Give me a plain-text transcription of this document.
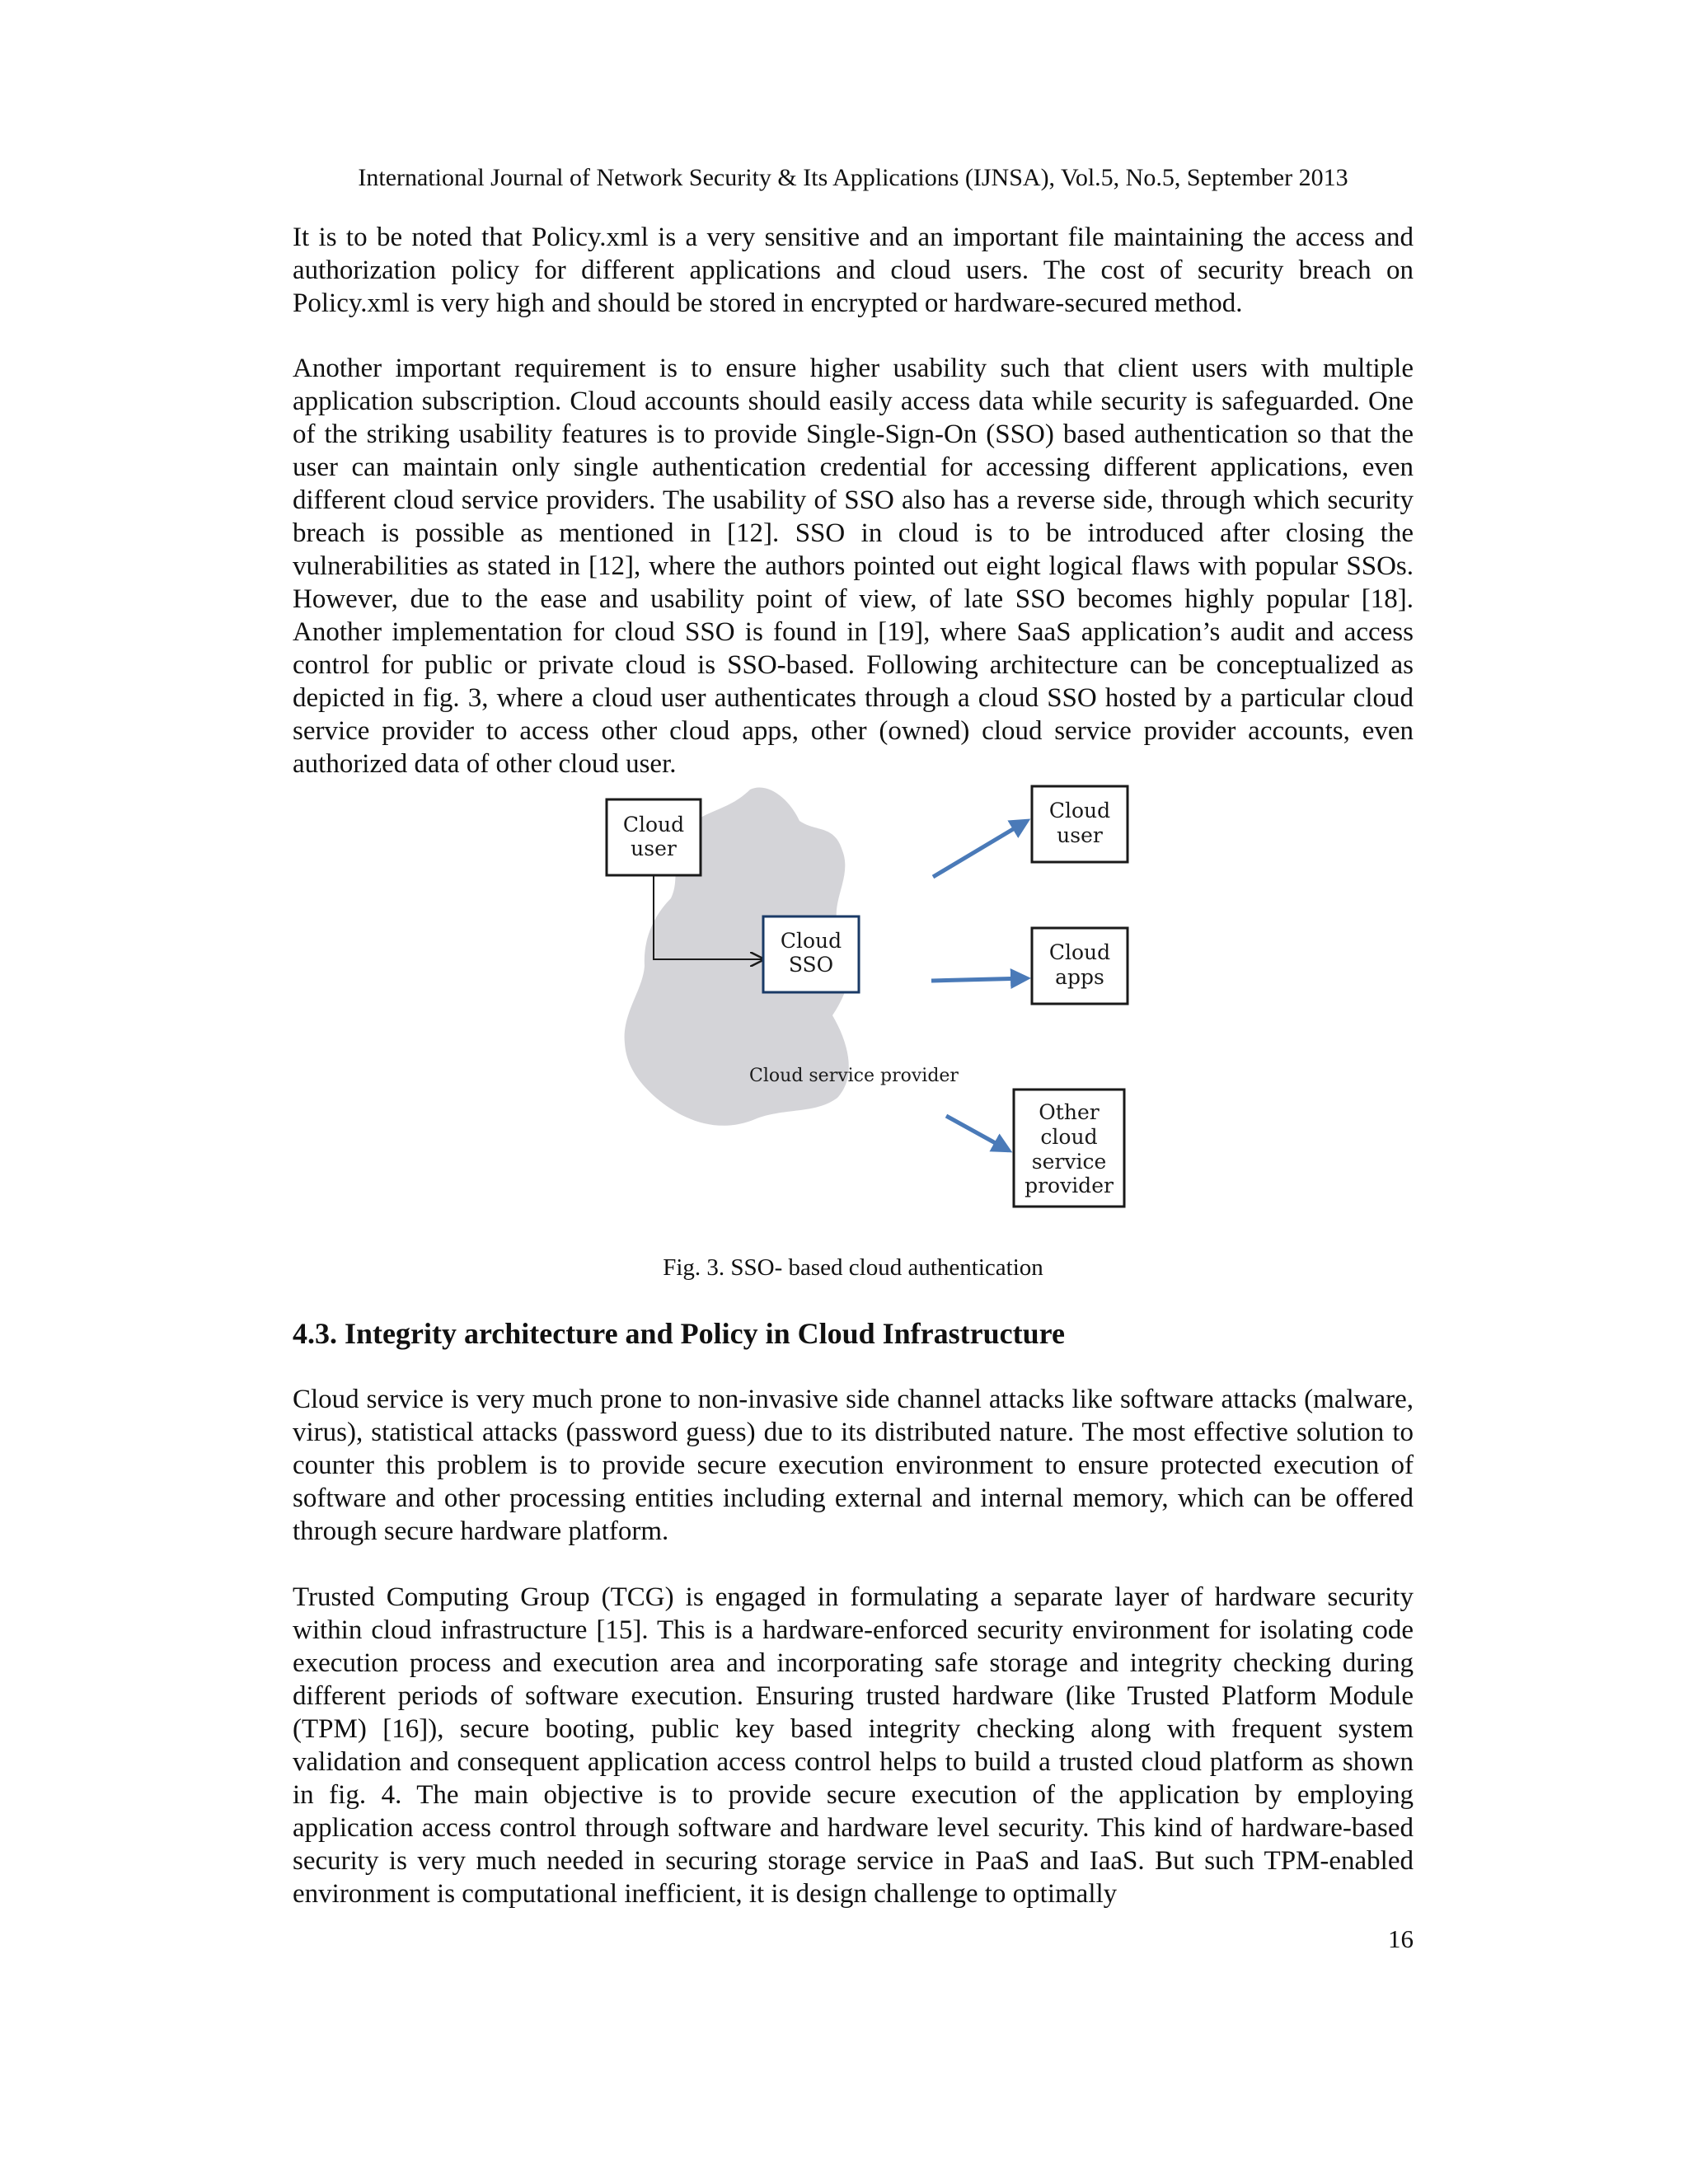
International Journal of Network Security & Its Applications (IJNSA), Vol.5, No.5, September 2013

It is to be noted that Policy.xml is a very sensitive and an important file maintaining the access and authorization policy for different applications and cloud users. The cost of security breach on Policy.xml is very high and should be stored in encrypted or hardware-secured method.

Another important requirement is to ensure higher usability such that client users with multiple application subscription. Cloud accounts should easily access data while security is safeguarded. One of the striking usability features is to provide Single-Sign-On (SSO) based authentication so that the user can maintain only single authentication credential for accessing different applications, even different cloud service providers. The usability of SSO also has a reverse side, through which security breach is possible as mentioned in [12]. SSO in cloud is to be introduced after closing the vulnerabilities as stated in [12], where the authors pointed out eight logical flaws with popular SSOs. However, due to the ease and usability point of view, of late SSO becomes highly popular [18]. Another implementation for cloud SSO is found in [19], where SaaS application’s audit and access control for public or private cloud is SSO-based. Following architecture can be conceptualized as depicted in fig. 3, where a cloud user authenticates through a cloud SSO hosted by a particular cloud service provider to access other cloud apps, other (owned) cloud service provider accounts, even authorized data of other cloud user.

Cloud
user
Cloud
SSO
Cloud
user
Cloud
apps
Other
cloud
service
provider
Cloud service provider
Fig. 3. SSO- based cloud authentication
4.3. Integrity architecture and Policy in Cloud Infrastructure

Cloud service is very much prone to non-invasive side channel attacks like software attacks (malware, virus), statistical attacks (password guess) due to its distributed nature. The most effective solution to counter this problem is to provide secure execution environment to ensure protected execution of software and other processing entities including external and internal memory, which can be offered through secure hardware platform.

Trusted Computing Group (TCG) is engaged in formulating a separate layer of hardware security within cloud infrastructure [15]. This is a hardware-enforced security environment for isolating code execution process and execution area and incorporating safe storage and integrity checking during different periods of software execution. Ensuring trusted hardware (like Trusted Platform Module (TPM) [16]), secure booting, public key based integrity checking along with frequent system validation and consequent application access control helps to build a trusted cloud platform as shown in fig. 4. The main objective is to provide secure execution of the application by employing application access control through software and hardware level security. This kind of hardware-based security is very much needed in securing storage service in PaaS and IaaS. But such TPM-enabled environment is computational inefficient, it is design challenge to optimally

16
